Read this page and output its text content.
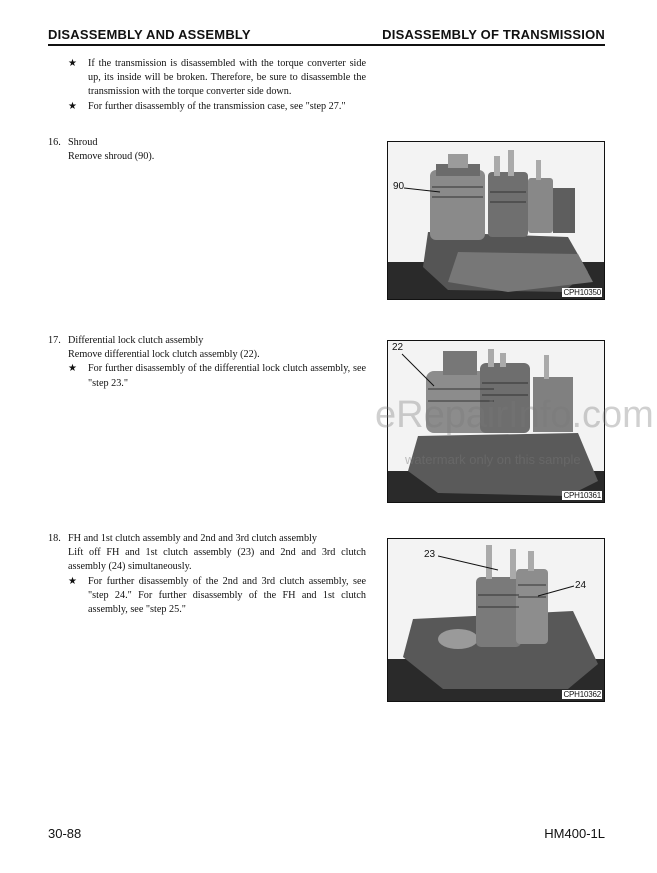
DISASSEMBLY AND ASSEMBLY	DISASSEMBLY OF TRANSMISSION
★ If the transmission is disassembled with the torque converter side up, its inside will be broken. Therefore, be sure to disassemble the transmission with the torque converter side down.
★ For further disassembly of the transmission case, see "step 27."
16. Shroud
Remove shroud (90).
17. Differential lock clutch assembly
Remove differential lock clutch assembly (22).
★ For further disassembly of the differential lock clutch assembly, see "step 23."
18. FH and 1st clutch assembly and 2nd and 3rd clutch assembly
Lift off FH and 1st clutch assembly (23) and 2nd and 3rd clutch assembly (24) simultaneously.
★ For further disassembly of the 2nd and 3rd clutch assembly, see "step 24." For further disassembly of the FH and 1st clutch assembly, see "step 25."
CPH10350
90
CPH10361
22
CPH10362
23
24
eRepairInfo.com
watermark only on this sample
30-88	HM400-1L
